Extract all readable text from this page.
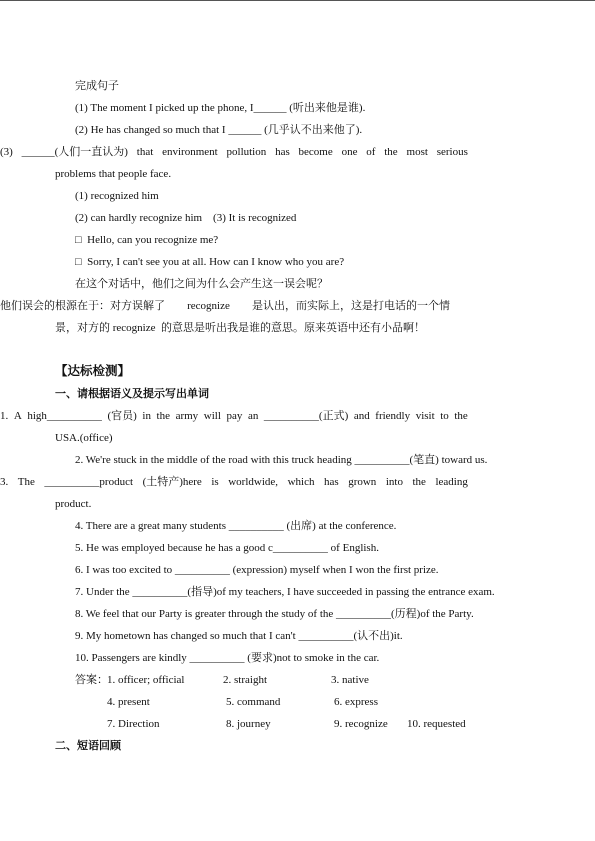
完成句子
(1) The moment I picked up the phone, I______ (听出来他是谁).
(2) He has changed so much that I ______ (几乎认不出来他了).
(3) ______(人们一直认为) that environment pollution has become one of the most serious
problems that people face.
(1) recognized him
(2) can hardly recognize him    (3) It is recognized
□  Hello, can you recognize me?
□  Sorry, I can't see you at all. How can I know who you are?
在这个对话中，他们之间为什么会产生这一误会呢？
他们误会的根源在于：对方误解了 recognize 是认出，而实际上，这是打电话的一个情
景，对方的 recognize  的意思是听出我是谁的意思。原来英语中还有小品啊！
【达标检测】
一、请根据语义及提示写出单词
1. A high__________ (官员) in the army will pay an __________(正式) and friendly visit to the
USA.(office)
2. We're stuck in the middle of the road with this truck heading __________(笔直) toward us.
3. The __________product (土特产)here is worldwide, which has grown into the leading
product.
4. There are a great many students __________ (出席) at the conference.
5. He was employed because he has a good c__________ of English.
6. I was too excited to __________ (expression) myself when I won the first prize.
7. Under the __________(指导)of my teachers, I have succeeded in passing the entrance exam.
8. We feel that our Party is greater through the study of the __________(历程)of the Party.
9. My hometown has changed so much that I can't __________(认不出)it.
10. Passengers are kindly __________ (要求)not to smoke in the car.
答案： 1. officer; official	2. straight	3. native
4. present	5. command	6. express
7. Direction	8. journey	9. recognize 10. requested
二、短语回顾
